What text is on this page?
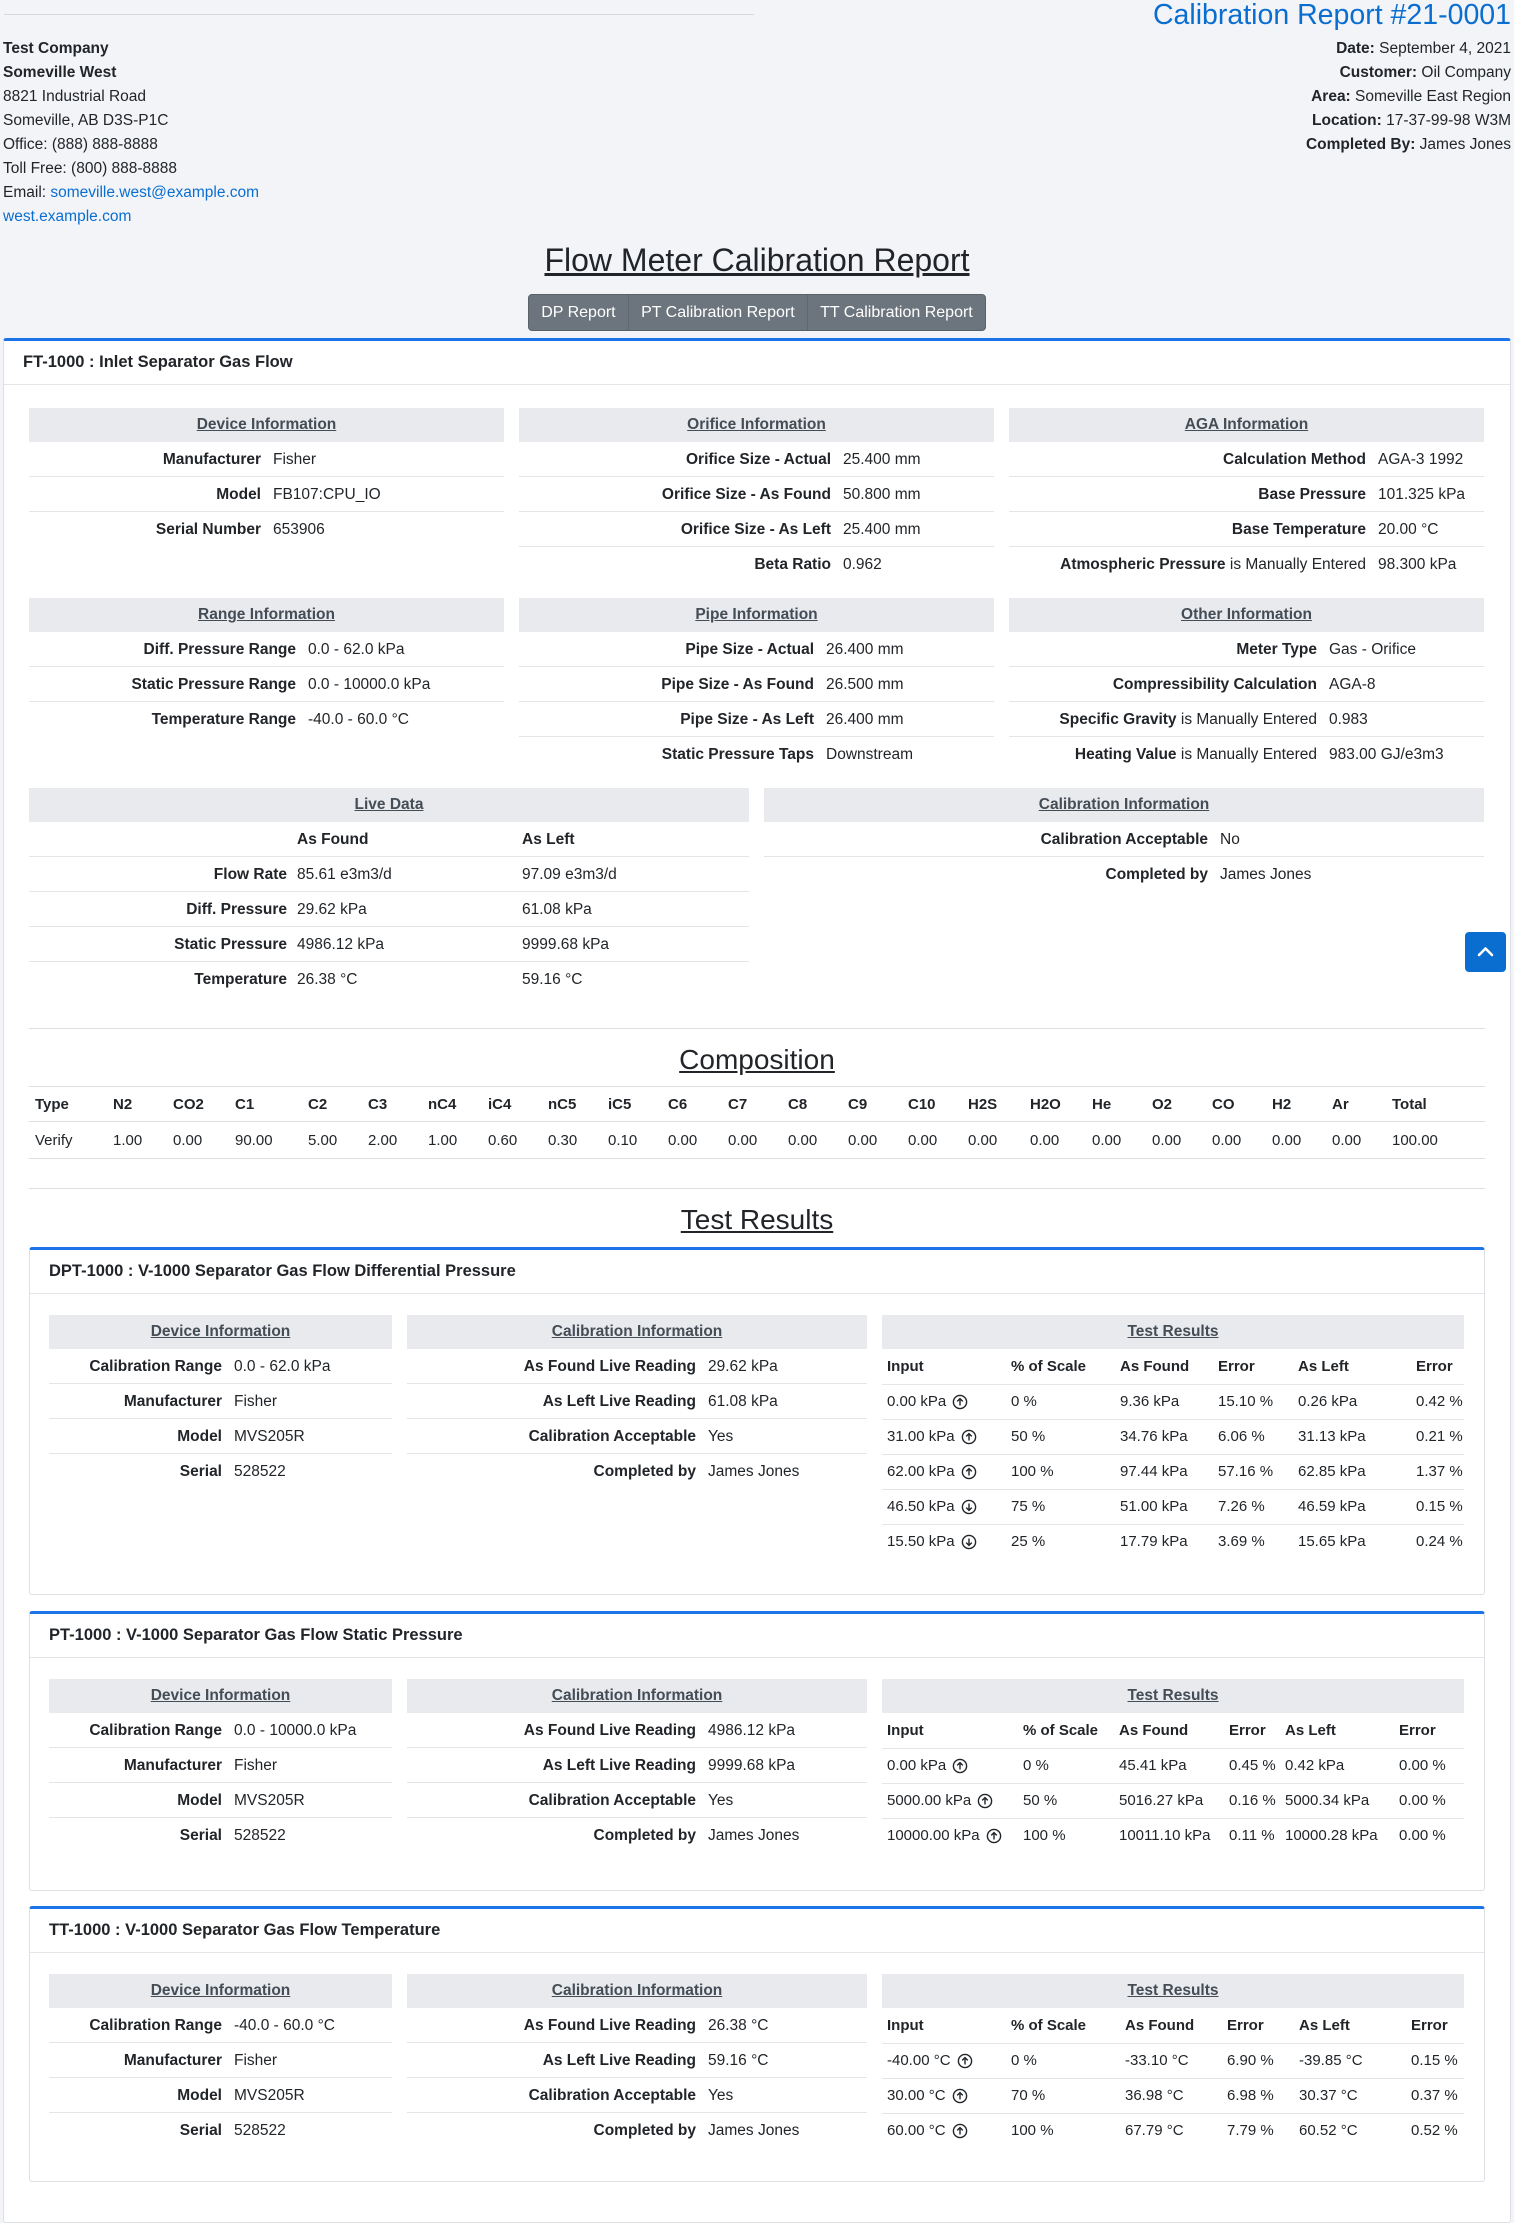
Test Company
Someville West
8821 Industrial Road
Someville, AB D3S-P1C
Office: (888) 888-8888
Toll Free: (800) 888-8888
Email: someville.west@example.com
west.example.com
Calibration Report #21-0001
Date: September 4, 2021
Customer: Oil Company
Area: Someville East Region
Location: 17-37-99-98 W3M
Completed By: James Jones
Flow Meter Calibration Report
DP Report	PT Calibration Report	TT Calibration Report
FT-1000 : Inlet Separator Gas Flow
Device Information
Manufacturer Fisher
Model FB107:CPU_IO
Serial Number 653906
Orifice Information
Orifice Size - Actual 25.400 mm
Orifice Size - As Found 50.800 mm
Orifice Size - As Left 25.400 mm
Beta Ratio 0.962
AGA Information
Calculation Method AGA-3 1992
Base Pressure 101.325 kPa
Base Temperature 20.00 °C
Atmospheric Pressure is Manually Entered 98.300 kPa
Range Information
Diff. Pressure Range 0.0 - 62.0 kPa
Static Pressure Range 0.0 - 10000.0 kPa
Temperature Range -40.0 - 60.0 °C
Pipe Information
Pipe Size - Actual 26.400 mm
Pipe Size - As Found 26.500 mm
Pipe Size - As Left 26.400 mm
Static Pressure Taps Downstream
Other Information
Meter Type Gas - Orifice
Compressibility Calculation AGA-8
Specific Gravity is Manually Entered 0.983
Heating Value is Manually Entered 983.00 GJ/e3m3
Live Data
As Found	As Left
Flow Rate 85.61 e3m3/d	97.09 e3m3/d
Diff. Pressure 29.62 kPa	61.08 kPa
Static Pressure 4986.12 kPa	9999.68 kPa
Temperature 26.38 °C	59.16 °C
Calibration Information
Calibration Acceptable No
Completed by James Jones
Composition
Type	N2	CO2	C1	C2	C3	nC4	iC4	nC5	iC5	C6	C7	C8	C9	C10	H2S	H2O	He	O2	CO	H2	Ar	Total
Verify	1.00	0.00	90.00	5.00	2.00	1.00	0.60	0.30	0.10	0.00	0.00	0.00	0.00	0.00	0.00	0.00	0.00	0.00	0.00	0.00	0.00	100.00
Test Results
DPT-1000 : V-1000 Separator Gas Flow Differential Pressure
Device Information
Calibration Range 0.0 - 62.0 kPa
Manufacturer Fisher
Model MVS205R
Serial 528522
Calibration Information
As Found Live Reading 29.62 kPa
As Left Live Reading 61.08 kPa
Calibration Acceptable Yes
Completed by James Jones
Test Results
Input	% of Scale	As Found	Error	As Left	Error
0.00 kPa	0 %	9.36 kPa	15.10 %	0.26 kPa	0.42 %
31.00 kPa	50 %	34.76 kPa	6.06 %	31.13 kPa	0.21 %
62.00 kPa	100 %	97.44 kPa	57.16 %	62.85 kPa	1.37 %
46.50 kPa	75 %	51.00 kPa	7.26 %	46.59 kPa	0.15 %
15.50 kPa	25 %	17.79 kPa	3.69 %	15.65 kPa	0.24 %
PT-1000 : V-1000 Separator Gas Flow Static Pressure
Device Information
Calibration Range 0.0 - 10000.0 kPa
Manufacturer Fisher
Model MVS205R
Serial 528522
Calibration Information
As Found Live Reading 4986.12 kPa
As Left Live Reading 9999.68 kPa
Calibration Acceptable Yes
Completed by James Jones
Test Results
Input	% of Scale	As Found	Error	As Left	Error
0.00 kPa	0 %	45.41 kPa	0.45 %	0.42 kPa	0.00 %
5000.00 kPa	50 %	5016.27 kPa	0.16 %	5000.34 kPa	0.00 %
10000.00 kPa	100 %	10011.10 kPa	0.11 %	10000.28 kPa	0.00 %
TT-1000 : V-1000 Separator Gas Flow Temperature
Device Information
Calibration Range -40.0 - 60.0 °C
Manufacturer Fisher
Model MVS205R
Serial 528522
Calibration Information
As Found Live Reading 26.38 °C
As Left Live Reading 59.16 °C
Calibration Acceptable Yes
Completed by James Jones
Test Results
Input	% of Scale	As Found	Error	As Left	Error
-40.00 °C	0 %	-33.10 °C	6.90 %	-39.85 °C	0.15 %
30.00 °C	70 %	36.98 °C	6.98 %	30.37 °C	0.37 %
60.00 °C	100 %	67.79 °C	7.79 %	60.52 °C	0.52 %
